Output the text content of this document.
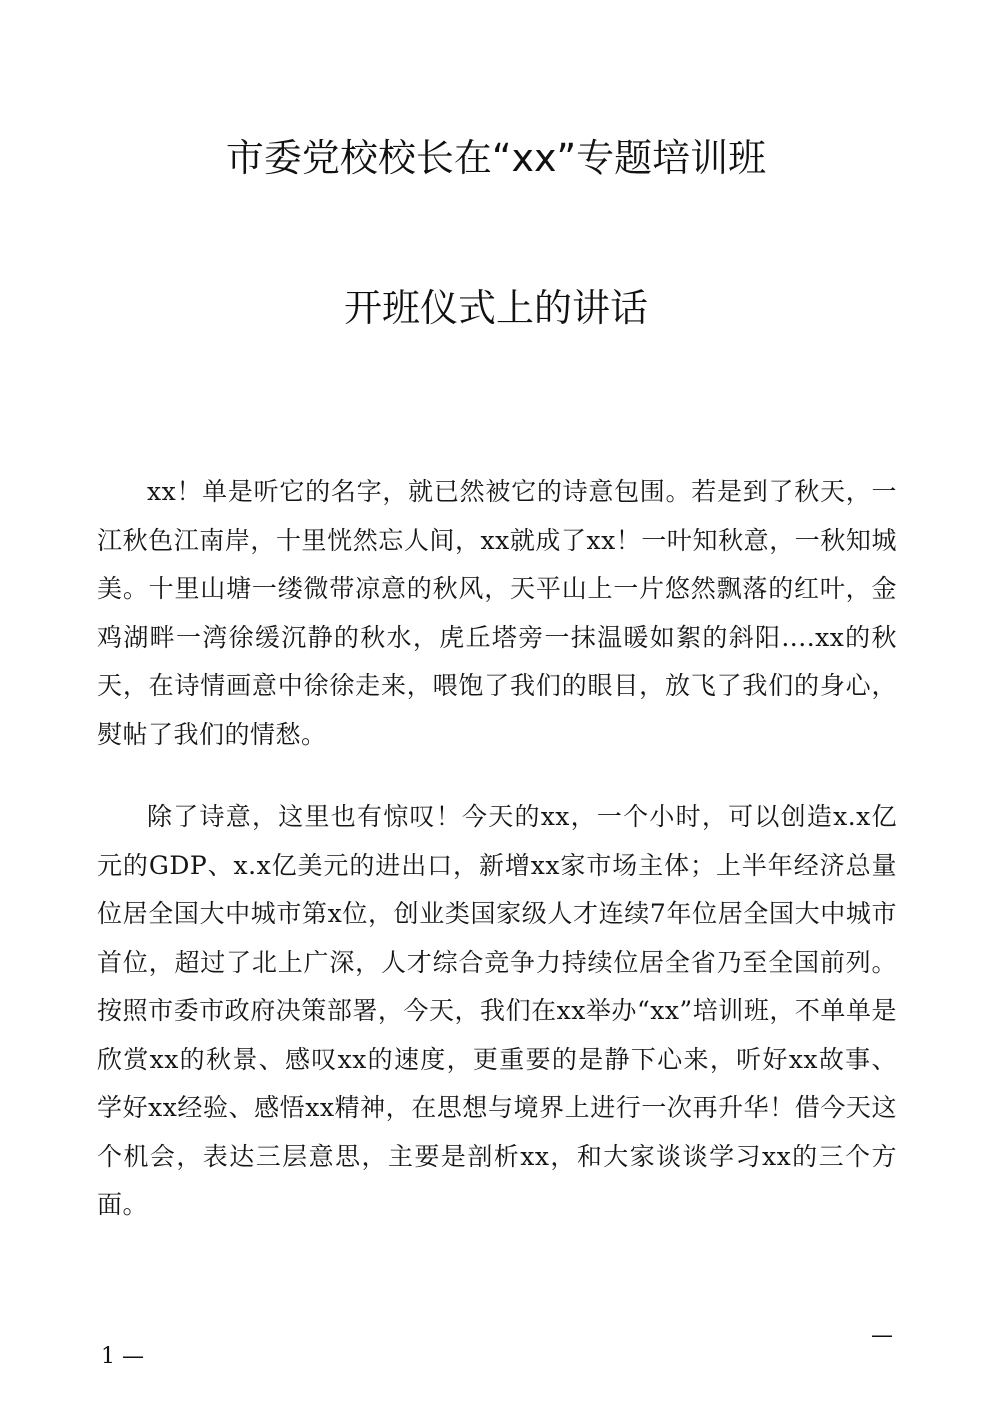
市委党校校长在“xx”专题培训班
开班仪式上的讲话

xx！单是听它的名字，就已然被它的诗意包围。若是到了秋天，一江秋色江南岸，十里恍然忘人间，xx就成了xx！一叶知秋意，一秋知城美。十里山塘一缕微带凉意的秋风，天平山上一片悠然飘落的红叶，金鸡湖畔一湾徐缓沉静的秋水，虎丘塔旁一抹温暖如絮的斜阳....xx的秋天，在诗情画意中徐徐走来，喂饱了我们的眼目，放飞了我们的身心，熨帖了我们的情愁。

除了诗意，这里也有惊叹！今天的xx，一个小时，可以创造x.x亿元的GDP、x.x亿美元的进出口，新增xx家市场主体；上半年经济总量位居全国大中城市第x位，创业类国家级人才连续7年位居全国大中城市首位，超过了北上广深，人才综合竞争力持续位居全省乃至全国前列。按照市委市政府决策部署，今天，我们在xx举办“xx”培训班，不单单是欣赏xx的秋景、感叹xx的速度，更重要的是静下心来，听好xx故事、学好xx经验、感悟xx精神，在思想与境界上进行一次再升华！借今天这个机会，表达三层意思，主要是剖析xx，和大家谈谈学习xx的三个方面。

—
1 —
